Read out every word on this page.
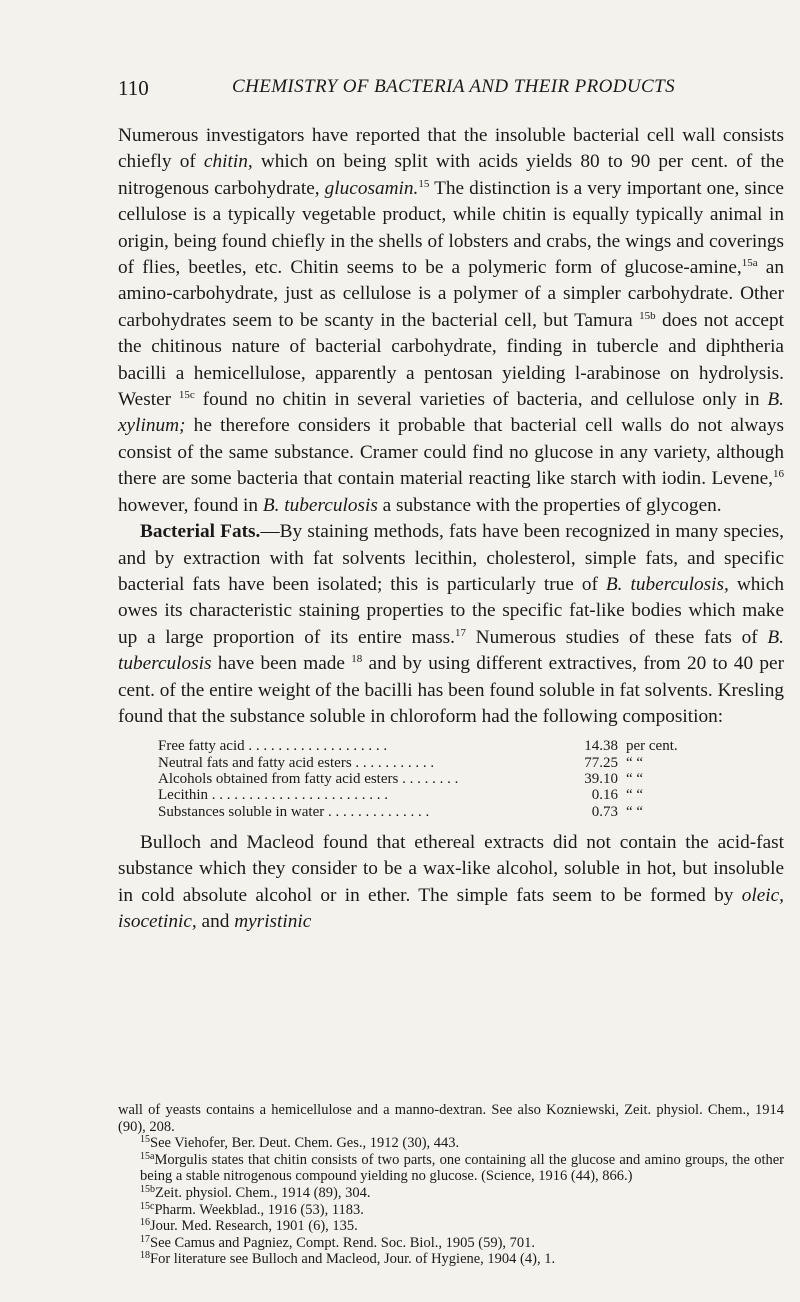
110	CHEMISTRY OF BACTERIA AND THEIR PRODUCTS

Numerous investigators have reported that the insoluble bacterial cell wall consists chiefly of chitin, which on being split with acids yields 80 to 90 per cent. of the nitrogenous carbohydrate, glucosamin.$^{15}$ The distinction is a very important one, since cellulose is a typically vegetable product, while chitin is equally typically animal in origin, being found chiefly in the shells of lobsters and crabs, the wings and coverings of flies, beetles, etc. Chitin seems to be a polymeric form of glucose-amine,$^{15a}$ an amino-carbohydrate, just as cellulose is a polymer of a simpler carbohydrate. Other carbohydrates seem to be scanty in the bacterial cell, but Tamura $^{15b}$ does not accept the chitinous nature of bacterial carbohydrate, finding in tubercle and diphtheria bacilli a hemicellulose, apparently a pentosan yielding l-arabinose on hydrolysis. Wester $^{15c}$ found no chitin in several varieties of bacteria, and cellulose only in B. xylinum; he therefore considers it probable that bacterial cell walls do not always consist of the same substance. Cramer could find no glucose in any variety, although there are some bacteria that contain material reacting like starch with iodin. Levene,$^{16}$ however, found in B. tuberculosis a substance with the properties of glycogen.

Bacterial Fats.—By staining methods, fats have been recognized in many species, and by extraction with fat solvents lecithin, cholesterol, simple fats, and specific bacterial fats have been isolated; this is particularly true of B. tuberculosis, which owes its characteristic staining properties to the specific fat-like bodies which make up a large proportion of its entire mass.$^{17}$ Numerous studies of these fats of B. tuberculosis have been made $^{18}$ and by using different extractives, from 20 to 40 per cent. of the entire weight of the bacilli has been found soluble in fat solvents. Kresling found that the substance soluble in chloroform had the following composition:

Free fatty acid . . . . . . . . . . . . . . . . . . .	14.38 per cent.
Neutral fats and fatty acid esters . . . . . . . . . . .	77.25 “ “
Alcohols obtained from fatty acid esters . . . . . . . .	39.10 “ “
Lecithin . . . . . . . . . . . . . . . . . . . . . . . .	0.16 “ “
Substances soluble in water . . . . . . . . . . . . . .	0.73 “ “

Bulloch and Macleod found that ethereal extracts did not contain the acid-fast substance which they consider to be a wax-like alcohol, soluble in hot, but insoluble in cold absolute alcohol or in ether. The simple fats seem to be formed by oleic, isocetinic, and myristinic

wall of yeasts contains a hemicellulose and a manno-dextran. See also Kozniewski, Zeit. physiol. Chem., 1914 (90), 208.

$^{15}$See Viehofer, Ber. Deut. Chem. Ges., 1912 (30), 443.

$^{15a}$Morgulis states that chitin consists of two parts, one containing all the glucose and amino groups, the other being a stable nitrogenous compound yielding no glucose. (Science, 1916 (44), 866.)

$^{15b}$Zeit. physiol. Chem., 1914 (89), 304.

$^{15c}$Pharm. Weekblad., 1916 (53), 1183.

$^{16}$Jour. Med. Research, 1901 (6), 135.

$^{17}$See Camus and Pagniez, Compt. Rend. Soc. Biol., 1905 (59), 701.

$^{18}$For literature see Bulloch and Macleod, Jour. of Hygiene, 1904 (4), 1.
